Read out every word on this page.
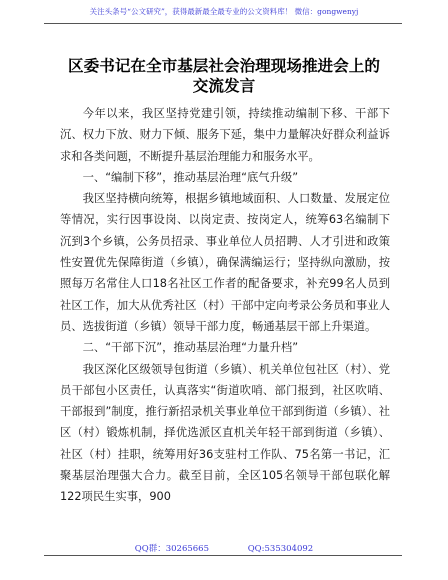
关注头条号“公文研究”，获得最新最全最专业的公文资料库！ 微信：gongwenyj
区委书记在全市基层社会治理现场推进会上的
交流发言

今年以来，我区坚持党建引领，持续推动编制下移、干部下沉、权力下放、财力下倾、服务下延，集中力量解决好群众利益诉求和各类问题，不断提升基层治理能力和服务水平。

一、“编制下移”，推动基层治理“底气升级”

我区坚持横向统筹，根据乡镇地域面积、人口数量、发展定位等情况，实行因事设岗、以岗定责、按岗定人，统筹63名编制下沉到3个乡镇，公务员招录、事业单位人员招聘、人才引进和政策性安置优先保障街道（乡镇），确保满编运行；坚持纵向激励，按照每万名常住人口18名社区工作者的配备要求，补充99名人员到社区工作，加大从优秀社区（村）干部中定向考录公务员和事业人员、选拔街道（乡镇）领导干部力度，畅通基层干部上升渠道。

二、“干部下沉”，推动基层治理“力量升档”

我区深化区级领导包街道（乡镇）、机关单位包社区（村）、党员干部包小区责任，认真落实“街道吹哨、部门报到，社区吹哨、干部报到”制度，推行新招录机关事业单位干部到街道（乡镇）、社区（村）锻炼机制，择优选派区直机关年轻干部到街道（乡镇）、社区（村）挂职，统筹用好36支驻村工作队、75名第一书记，汇聚基层治理强大合力。截至目前，全区105名领导干部包联化解122项民生实事，900

QQ群：30265665	QQ:535304092
